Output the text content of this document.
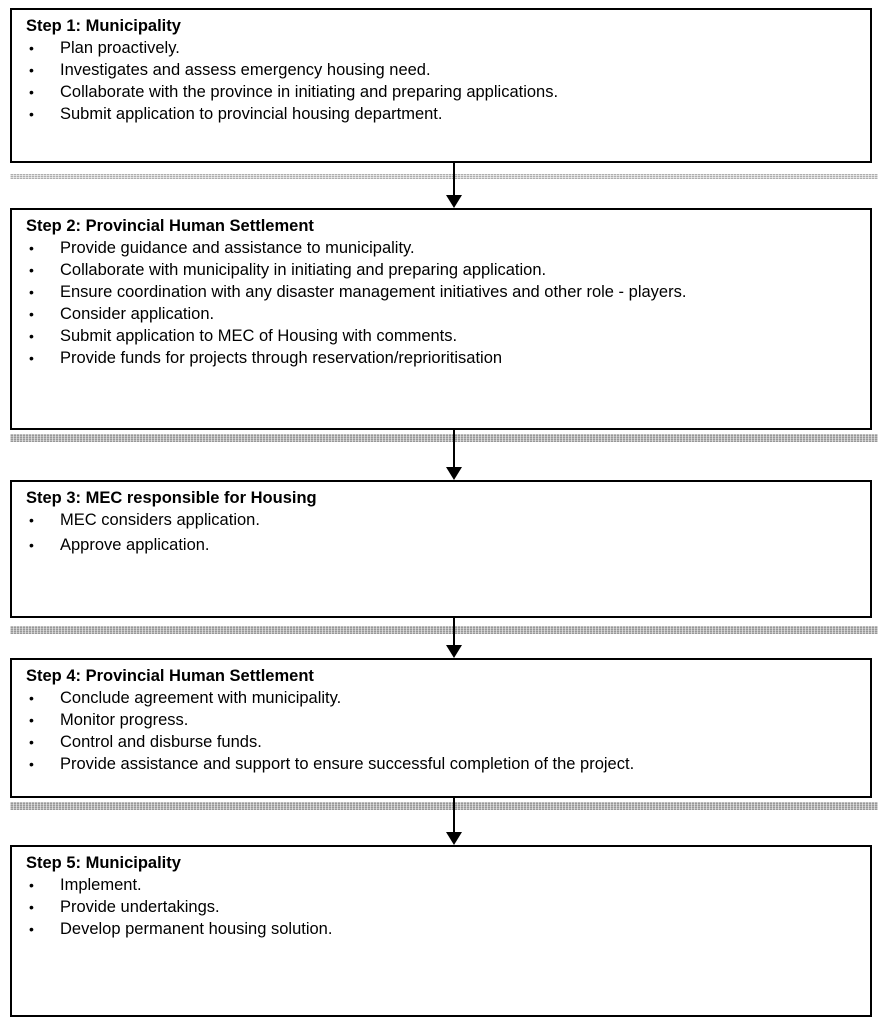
Step 1: Municipality

• Plan proactively.
• Investigates and assess emergency housing need.
• Collaborate with the province in initiating and preparing applications.
• Submit application to provincial housing department.

Step 2: Provincial Human Settlement

• Provide guidance and assistance to municipality.
• Collaborate with municipality in initiating and preparing application.
• Ensure coordination with any disaster management initiatives and other role - players.
• Consider application.
• Submit application to MEC of Housing with comments.
• Provide funds for projects through reservation/reprioritisation

Step 3: MEC responsible for Housing

• MEC considers application.
• Approve application.

Step 4: Provincial Human Settlement

• Conclude agreement with municipality.
• Monitor progress.
• Control and disburse funds.
• Provide assistance and support to ensure successful completion of the project.

Step 5: Municipality

• Implement.
• Provide undertakings.
• Develop permanent housing solution.
